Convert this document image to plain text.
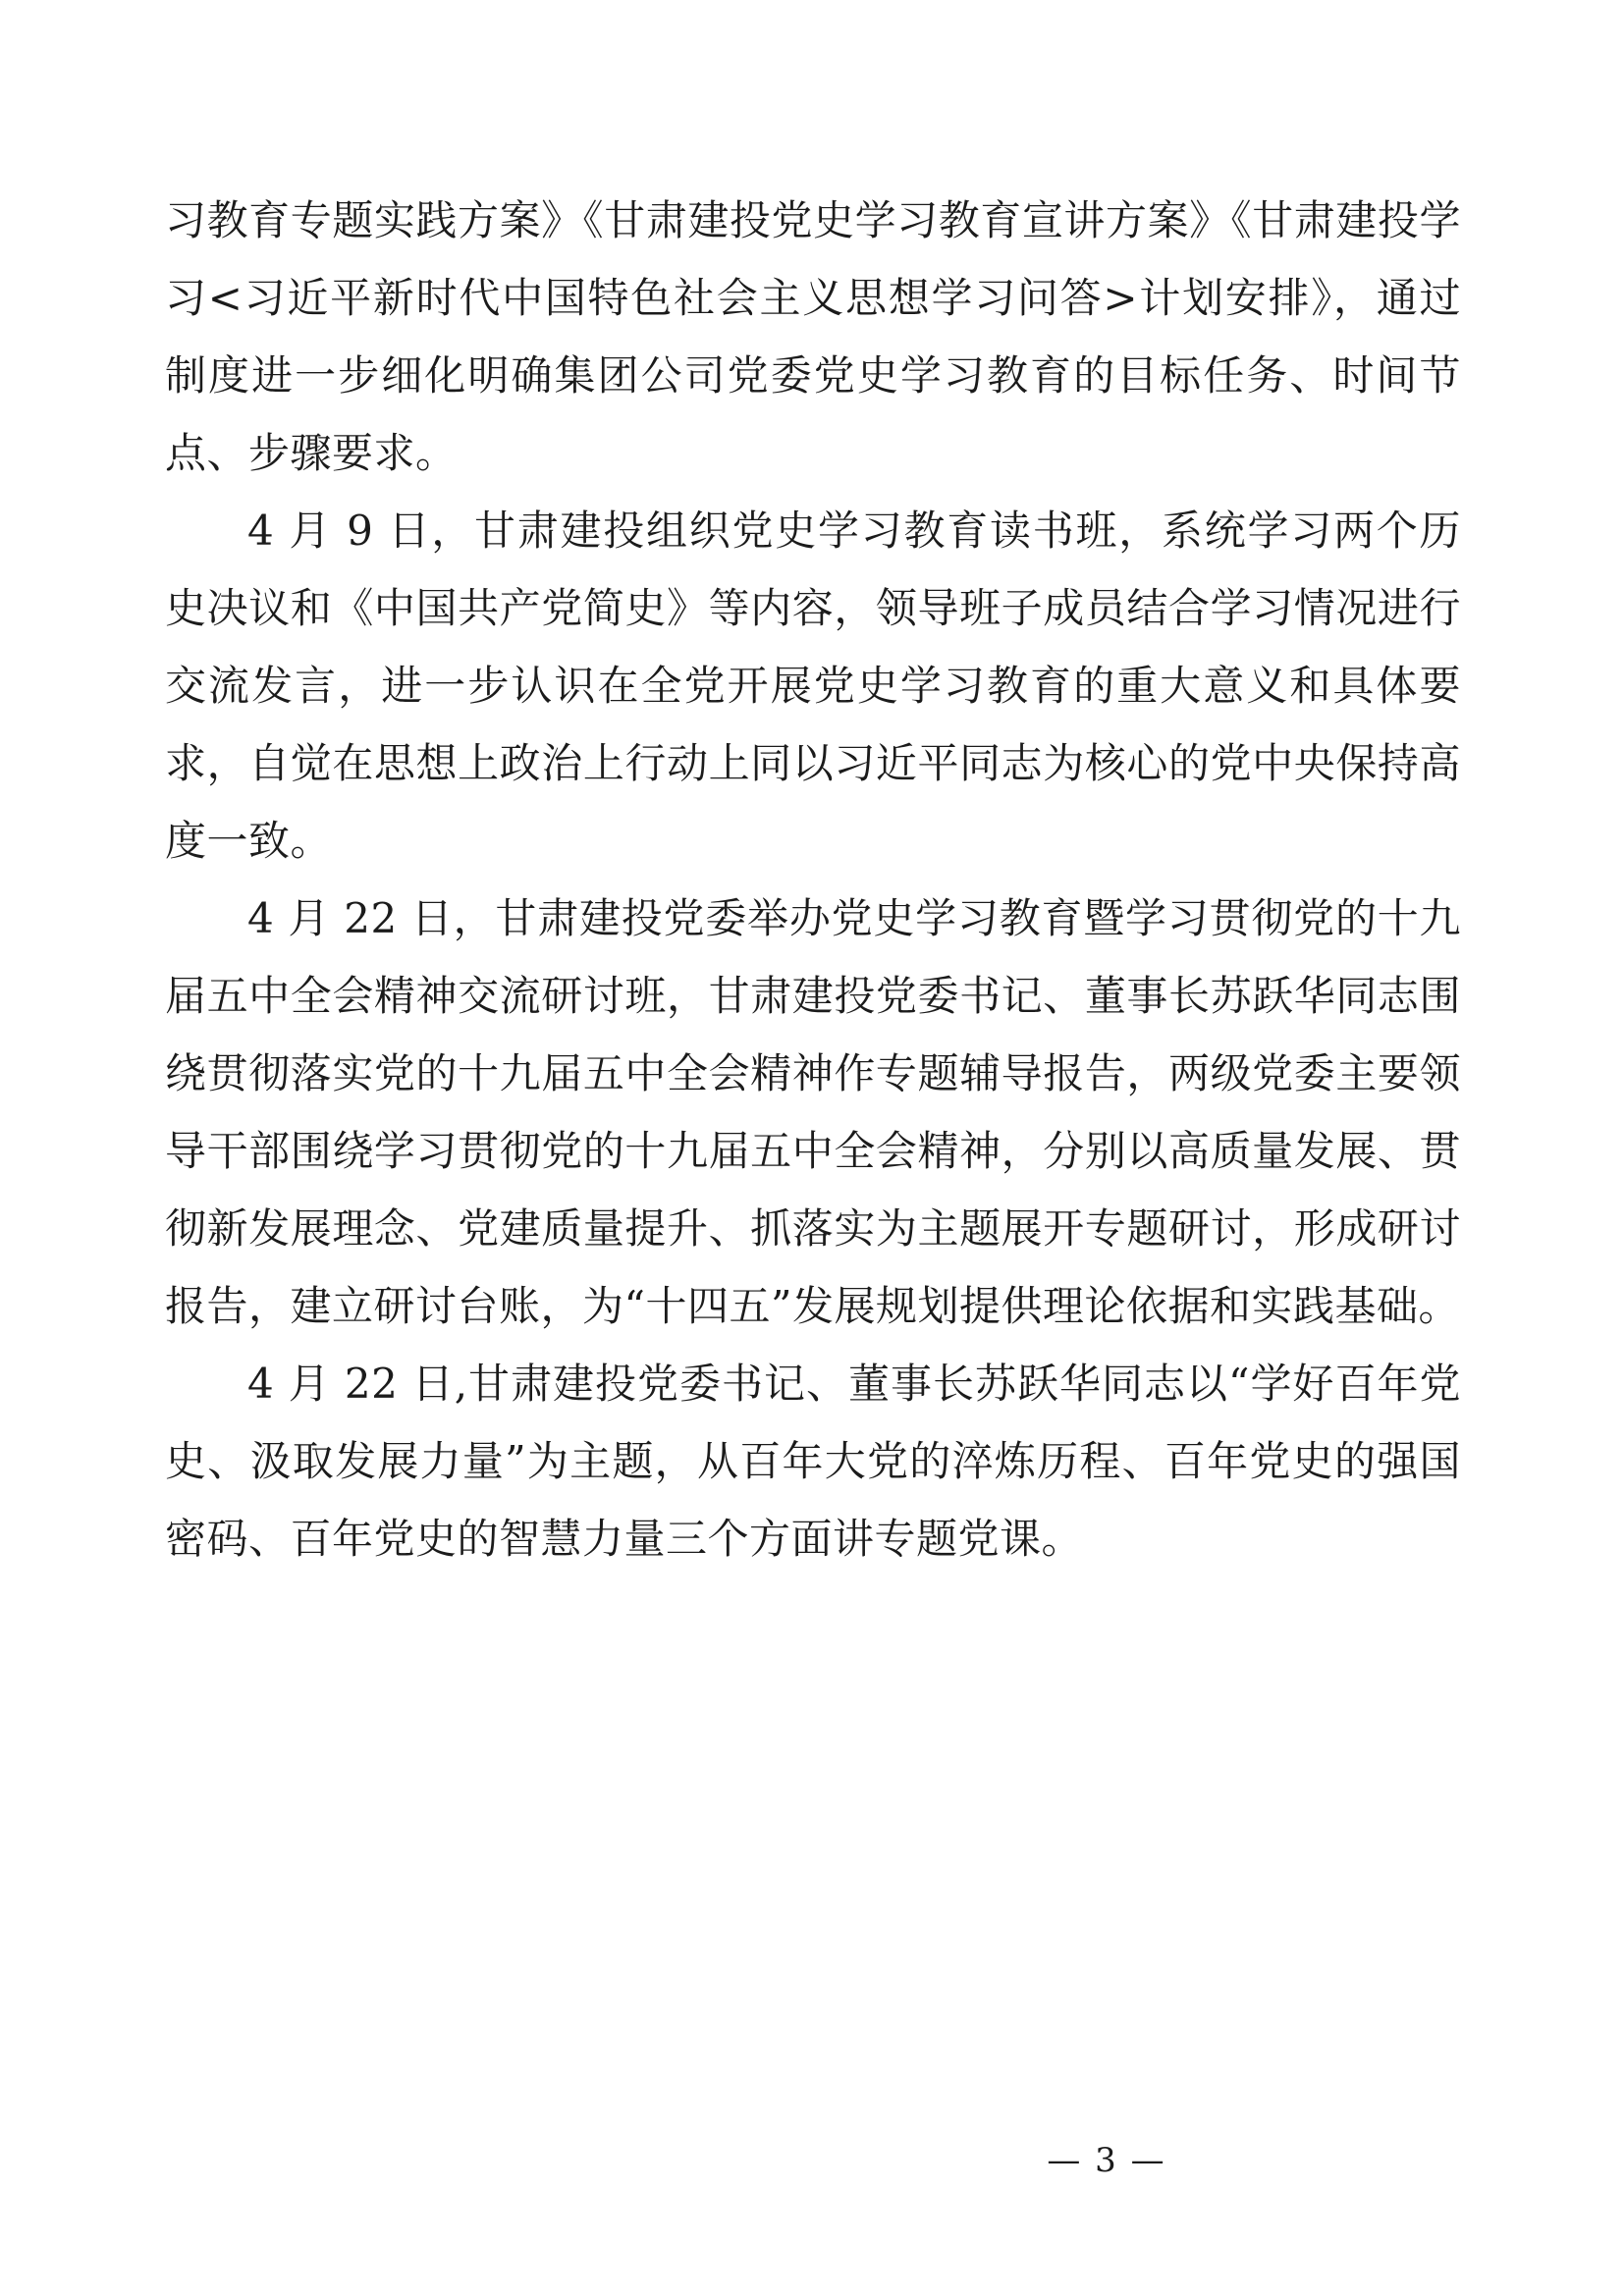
习教育专题实践方案》《甘肃建投党史学习教育宣讲方案》《甘肃建投学习<习近平新时代中国特色社会主义思想学习问答>计划安排》，通过制度进一步细化明确集团公司党委党史学习教育的目标任务、时间节点、步骤要求。

4 月 9 日，甘肃建投组织党史学习教育读书班，系统学习两个历史决议和《中国共产党简史》等内容，领导班子成员结合学习情况进行交流发言，进一步认识在全党开展党史学习教育的重大意义和具体要求，自觉在思想上政治上行动上同以习近平同志为核心的党中央保持高度一致。

4 月 22 日，甘肃建投党委举办党史学习教育暨学习贯彻党的十九届五中全会精神交流研讨班，甘肃建投党委书记、董事长苏跃华同志围绕贯彻落实党的十九届五中全会精神作专题辅导报告，两级党委主要领导干部围绕学习贯彻党的十九届五中全会精神，分别以高质量发展、贯彻新发展理念、党建质量提升、抓落实为主题展开专题研讨，形成研讨报告，建立研讨台账，为“十四五”发展规划提供理论依据和实践基础。

4 月 22 日,甘肃建投党委书记、董事长苏跃华同志以“学好百年党史、汲取发展力量”为主题，从百年大党的淬炼历程、百年党史的强国密码、百年党史的智慧力量三个方面讲专题党课。

— 3 —
